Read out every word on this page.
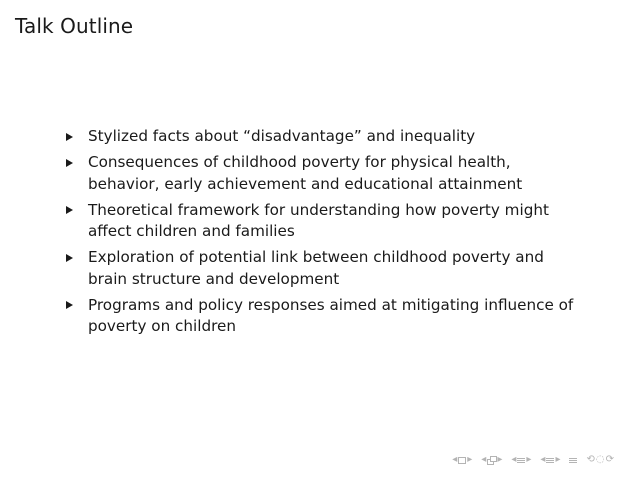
Talk Outline
Stylized facts about “disadvantage” and inequality
Consequences of childhood poverty for physical health, behavior, early achievement and educational attainment
Theoretical framework for understanding how poverty might affect children and families
Exploration of potential link between childhood poverty and brain structure and development
Programs and policy responses aimed at mitigating influence of poverty on children
◂ ▸ ◂ ▸ ◂ ▸ ◂ ▸	⟲ ◌ ⟳
